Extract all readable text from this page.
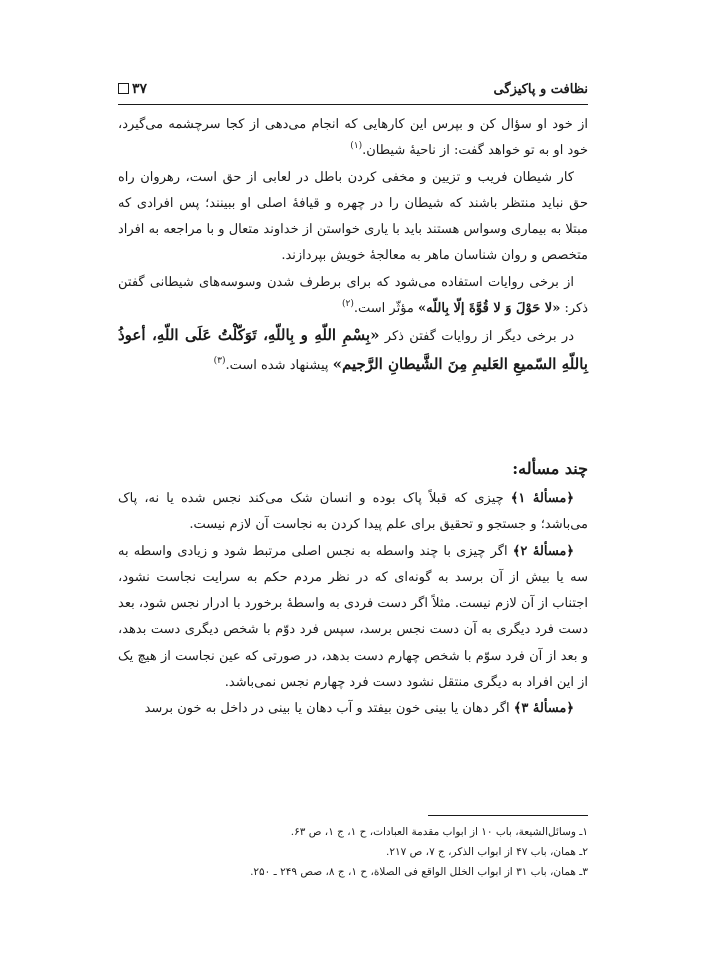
نظافت و پاکیزگی
۳۷

از خود او سؤال کن و بپرس این کارهایی که انجام می‌دهی از کجا سرچشمه می‌گیرد، خود او به تو خواهد گفت: از ناحیهٔ شیطان.$^{(۱)}$

کار شیطان فریب و تزیین و مخفی کردن باطل در لعابی از حق است، رهروان راه حق نباید منتظر باشند که شیطان را در چهره و قیافهٔ اصلی او ببینند؛ پس افرادی که مبتلا به بیماری وسواس هستند باید با یاری خواستن از خداوند متعال و با مراجعه به افراد متخصص و روان شناسان ماهر به معالجهٔ خویش بپردازند.

از برخی روایات استفاده می‌شود که برای برطرف شدن وسوسه‌های شیطانی گفتن ذکر: «لا حَوْلَ وَ لا قُوَّةَ إلّا بِاللّه» مؤثّر است.$^{(۲)}$

در برخی دیگر از روایات گفتن ذکر «بِسْمِ اللّهِ و بِاللّهِ، تَوَكّلْتُ عَلَى اللّهِ، أعوذُ بِاللّهِ السّميعِ العَليمِ مِنَ الشَّيطانِ الرَّجيم» پیشنهاد شده است.$^{(۳)}$

چند مسأله:

﴿مسألهٔ ۱﴾ چیزی که قبلاً پاک بوده و انسان شک می‌کند نجس شده یا نه، پاک می‌باشد؛ و جستجو و تحقیق برای علم پیدا کردن به نجاست آن لازم نیست.

﴿مسألهٔ ۲﴾ اگر چیزی با چند واسطه به نجس اصلی مرتبط شود و زیادی واسطه به سه یا بیش از آن برسد به گونه‌ای که در نظر مردم حکم به سرایت نجاست نشود، اجتناب از آن لازم نیست. مثلاً اگر دست فردی به واسطهٔ برخورد با ادرار نجس شود، بعد دست فرد دیگری به آن دست نجس برسد، سپس فرد دوّم با شخص دیگری دست بدهد، و بعد از آن فرد سوّم با شخص چهارم دست بدهد، در صورتی که عین نجاست از هیچ یک از این افراد به دیگری منتقل نشود دست فرد چهارم نجس نمی‌باشد.

﴿مسألهٔ ۳﴾ اگر دهان یا بینی خون بیفتد و آب دهان یا بینی در داخل به خون برسد

۱ـ وسائل‌الشیعة، باب ۱۰ از ابواب مقدمة العبادات، ح ۱، ج ۱، ص ۶۳.
۲ـ همان، باب ۴۷ از ابواب الذکر، ج ۷، ص ۲۱۷.
۳ـ همان، باب ۳۱ از ابواب الخلل الواقع فی الصلاة، ح ۱، ج ۸، صص ۲۴۹ ـ ۲۵۰.
